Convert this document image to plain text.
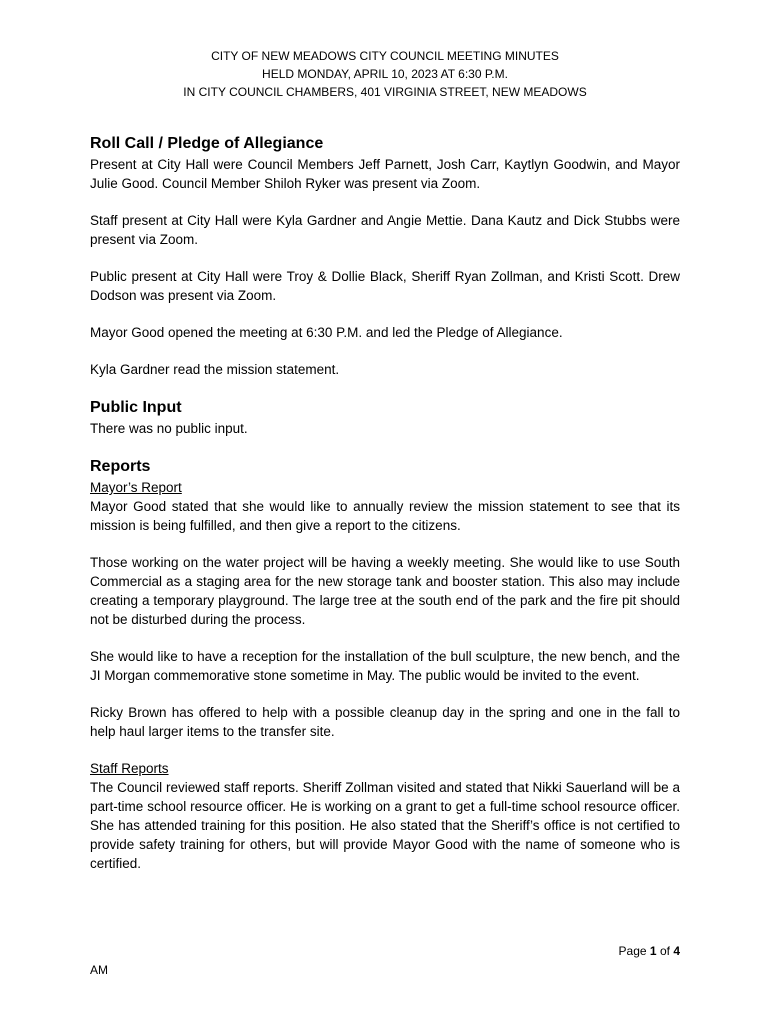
CITY OF NEW MEADOWS CITY COUNCIL MEETING MINUTES
HELD MONDAY, APRIL 10, 2023 AT 6:30 P.M.
IN CITY COUNCIL CHAMBERS, 401 VIRGINIA STREET, NEW MEADOWS
Roll Call / Pledge of Allegiance

Present at City Hall were Council Members Jeff Parnett, Josh Carr, Kaytlyn Goodwin, and Mayor Julie Good. Council Member Shiloh Ryker was present via Zoom.

Staff present at City Hall were Kyla Gardner and Angie Mettie. Dana Kautz and Dick Stubbs were present via Zoom.

Public present at City Hall were Troy & Dollie Black, Sheriff Ryan Zollman, and Kristi Scott. Drew Dodson was present via Zoom.

Mayor Good opened the meeting at 6:30 P.M. and led the Pledge of Allegiance.

Kyla Gardner read the mission statement.

Public Input

There was no public input.

Reports

Mayor’s Report

Mayor Good stated that she would like to annually review the mission statement to see that its mission is being fulfilled, and then give a report to the citizens.

Those working on the water project will be having a weekly meeting. She would like to use South Commercial as a staging area for the new storage tank and booster station. This also may include creating a temporary playground. The large tree at the south end of the park and the fire pit should not be disturbed during the process.

She would like to have a reception for the installation of the bull sculpture, the new bench, and the JI Morgan commemorative stone sometime in May. The public would be invited to the event.

Ricky Brown has offered to help with a possible cleanup day in the spring and one in the fall to help haul larger items to the transfer site.

Staff Reports

The Council reviewed staff reports. Sheriff Zollman visited and stated that Nikki Sauerland will be a part-time school resource officer. He is working on a grant to get a full-time school resource officer. She has attended training for this position. He also stated that the Sheriff’s office is not certified to provide safety training for others, but will provide Mayor Good with the name of someone who is certified.

Page 1 of 4
AM
